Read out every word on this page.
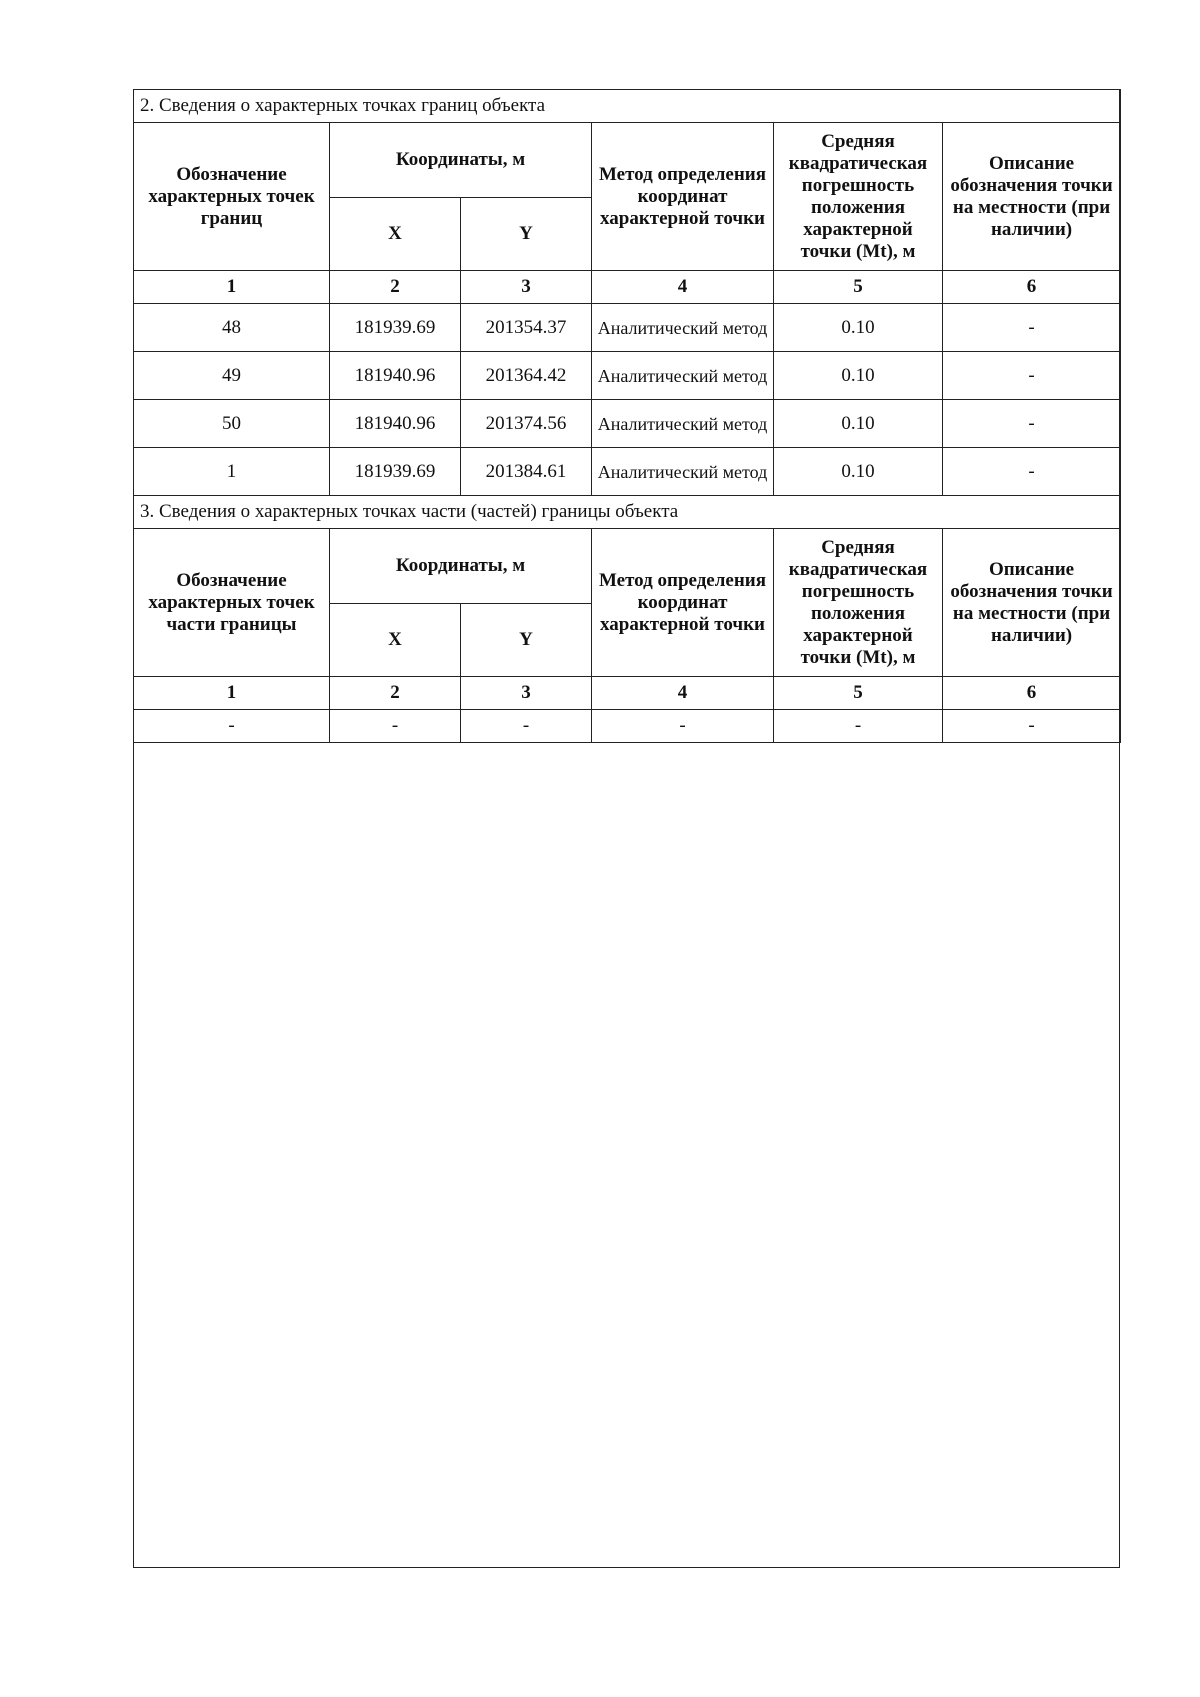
2. Сведения о характерных точках границ объекта					
Обозначение характерных точек границ	Координаты, м		Метод определения координат характерной точки	Средняя квадратическая погрешность положения характерной точки (Mt), м	Описание обозначения точки на местности (при наличии)
	X	Y			
1	2	3	4	5	6
48	181939.69	201354.37	Аналитический метод	0.10	-
49	181940.96	201364.42	Аналитический метод	0.10	-
50	181940.96	201374.56	Аналитический метод	0.10	-
1	181939.69	201384.61	Аналитический метод	0.10	-
3. Сведения о характерных точках части (частей) границы объекта					
Обозначение характерных точек части границы	Координаты, м		Метод определения координат характерной точки	Средняя квадратическая погрешность положения характерной точки (Mt), м	Описание обозначения точки на местности (при наличии)
	X	Y			
1	2	3	4	5	6
-	-	-	-	-	-
